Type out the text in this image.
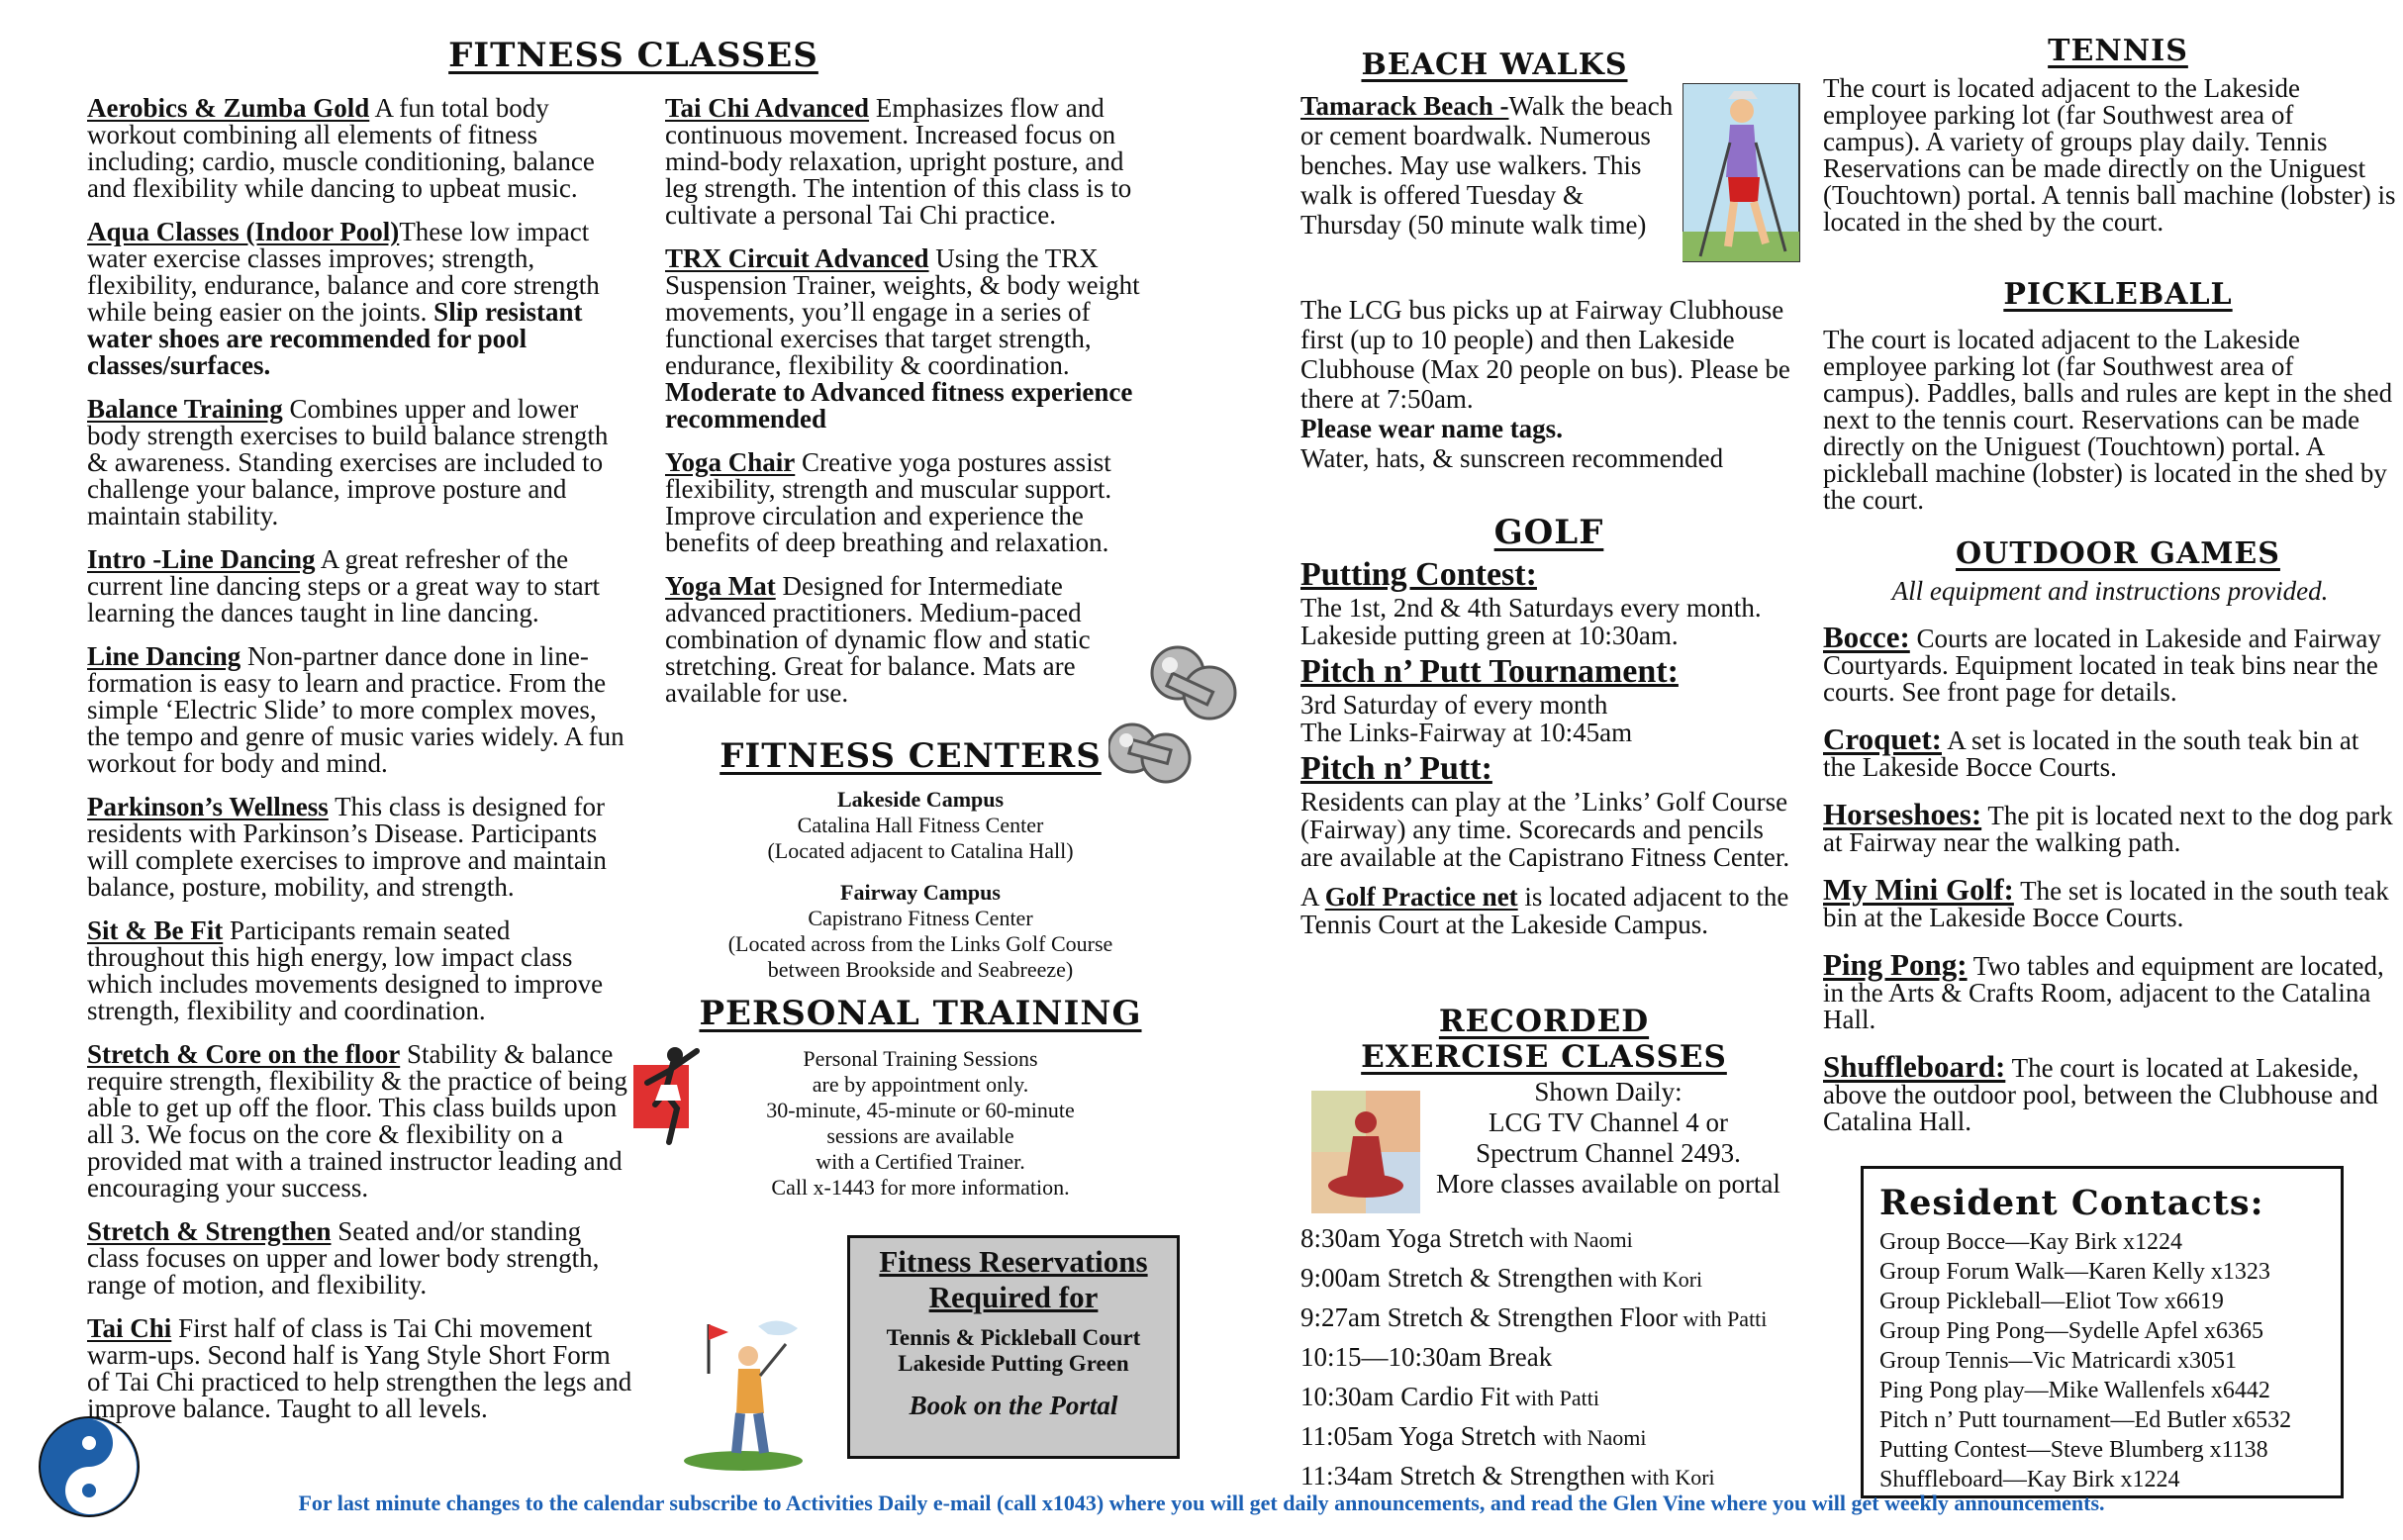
FITNESS CLASSES

Aerobics & Zumba Gold A fun total body workout combining all elements of fitness including; cardio, muscle conditioning, balance and flexibility while dancing to upbeat music.

Aqua Classes (Indoor Pool)These low impact water exercise classes improves; strength, flexibility, endurance, balance and core strength while being easier on the joints. Slip resistant water shoes are recommended for pool classes/surfaces.

Balance Training Combines upper and lower body strength exercises to build balance strength & awareness. Standing exercises are included to challenge your balance, improve posture and maintain stability.

Intro -Line Dancing A great refresher of the current line dancing steps or a great way to start learning the dances taught in line dancing.

Line Dancing Non-partner dance done in line-formation is easy to learn and practice. From the simple ‘Electric Slide’ to more complex moves, the tempo and genre of music varies widely. A fun workout for body and mind.

Parkinson’s Wellness This class is designed for residents with Parkinson’s Disease. Participants will complete exercises to improve and maintain balance, posture, mobility, and strength.

Sit & Be Fit Participants remain seated throughout this high energy, low impact class which includes movements designed to improve strength, flexibility and coordination.

Stretch & Core on the floor Stability & balance require strength, flexibility & the practice of being able to get up off the floor. This class builds upon all 3. We focus on the core & flexibility on a provided mat with a trained instructor leading and encouraging your success.

Stretch & Strengthen Seated and/or standing class focuses on upper and lower body strength, range of motion, and flexibility.

Tai Chi First half of class is Tai Chi movement warm-ups. Second half is Yang Style Short Form of Tai Chi practiced to help strengthen the legs and improve balance. Taught to all levels.

Tai Chi Advanced Emphasizes flow and continuous movement. Increased focus on mind-body relaxation, upright posture, and leg strength. The intention of this class is to cultivate a personal Tai Chi practice.

TRX Circuit Advanced Using the TRX Suspension Trainer, weights, & body weight movements, you’ll engage in a series of functional exercises that target strength, endurance, flexibility & coordination. Moderate to Advanced fitness experience recommended

Yoga Chair Creative yoga postures assist flexibility, strength and muscular support. Improve circulation and experience the benefits of deep breathing and relaxation.

Yoga Mat Designed for Intermediate advanced practitioners. Medium-paced combination of dynamic flow and static stretching. Great for balance. Mats are available for use.

FITNESS CENTERS
Lakeside Campus
Catalina Hall Fitness Center
(Located adjacent to Catalina Hall)
Fairway Campus
Capistrano Fitness Center
(Located across from the Links Golf Course
between Brookside and Seabreeze)
PERSONAL TRAINING
Personal Training Sessions
are by appointment only.
30-minute, 45-minute or 60-minute
sessions are available
with a Certified Trainer.
Call x-1443 for more information.
Fitness Reservations
Required for
Tennis & Pickleball Court
Lakeside Putting Green
Book on the Portal
BEACH WALKS
Tamarack Beach -Walk the beach or cement boardwalk. Numerous benches. May use walkers. This walk is offered Tuesday & Thursday (50 minute walk time)
The LCG bus picks up at Fairway Clubhouse first (up to 10 people) and then Lakeside Clubhouse (Max 20 people on bus). Please be there at 7:50am.
Please wear name tags.
Water, hats, & sunscreen recommended
GOLF
Putting Contest:
The 1st, 2nd & 4th Saturdays every month. Lakeside putting green at 10:30am.
Pitch n’ Putt Tournament:
3rd Saturday of every month
The Links-Fairway at 10:45am
Pitch n’ Putt:
Residents can play at the ’Links’ Golf Course (Fairway) any time. Scorecards and pencils are available at the Capistrano Fitness Center.
A Golf Practice net is located adjacent to the Tennis Court at the Lakeside Campus.
RECORDED
EXERCISE CLASSES
Shown Daily:
LCG TV Channel 4 or
Spectrum Channel 2493.
More classes available on portal

8:30am Yoga Stretch with Naomi

9:00am Stretch & Strengthen with Kori

9:27am Stretch & Strengthen Floor with Patti

10:15—10:30am Break

10:30am Cardio Fit with Patti

11:05am Yoga Stretch with Naomi

11:34am Stretch & Strengthen with Kori

TENNIS
The court is located adjacent to the Lakeside employee parking lot (far Southwest area of campus). A variety of groups play daily. Tennis Reservations can be made directly on the Uniguest (Touchtown) portal. A tennis ball machine (lobster) is located in the shed by the court.
PICKLEBALL
The court is located adjacent to the Lakeside employee parking lot (far Southwest area of campus). Paddles, balls and rules are kept in the shed next to the tennis court. Reservations can be made directly on the Uniguest (Touchtown) portal. A pickleball machine (lobster) is located in the shed by the court.
OUTDOOR GAMES
All equipment and instructions provided.

Bocce: Courts are located in Lakeside and Fairway Courtyards. Equipment located in teak bins near the courts. See front page for details.

Croquet: A set is located in the south teak bin at the Lakeside Bocce Courts.

Horseshoes: The pit is located next to the dog park at Fairway near the walking path.

My Mini Golf: The set is located in the south teak bin at the Lakeside Bocce Courts.

Ping Pong: Two tables and equipment are located, in the Arts & Crafts Room, adjacent to the Catalina Hall.

Shuffleboard: The court is located at Lakeside, above the outdoor pool, between the Clubhouse and Catalina Hall.

Resident Contacts:
Group Bocce—Kay Birk x1224
Group Forum Walk—Karen Kelly x1323
Group Pickleball—Eliot Tow x6619
Group Ping Pong—Sydelle Apfel x6365
Group Tennis—Vic Matricardi x3051
Ping Pong play—Mike Wallenfels x6442
Pitch n’ Putt tournament—Ed Butler x6532
Putting Contest—Steve Blumberg x1138
Shuffleboard—Kay Birk x1224
For last minute changes to the calendar subscribe to Activities Daily e-mail (call x1043) where you will get daily announcements, and read the Glen Vine where you will get weekly announcements.
